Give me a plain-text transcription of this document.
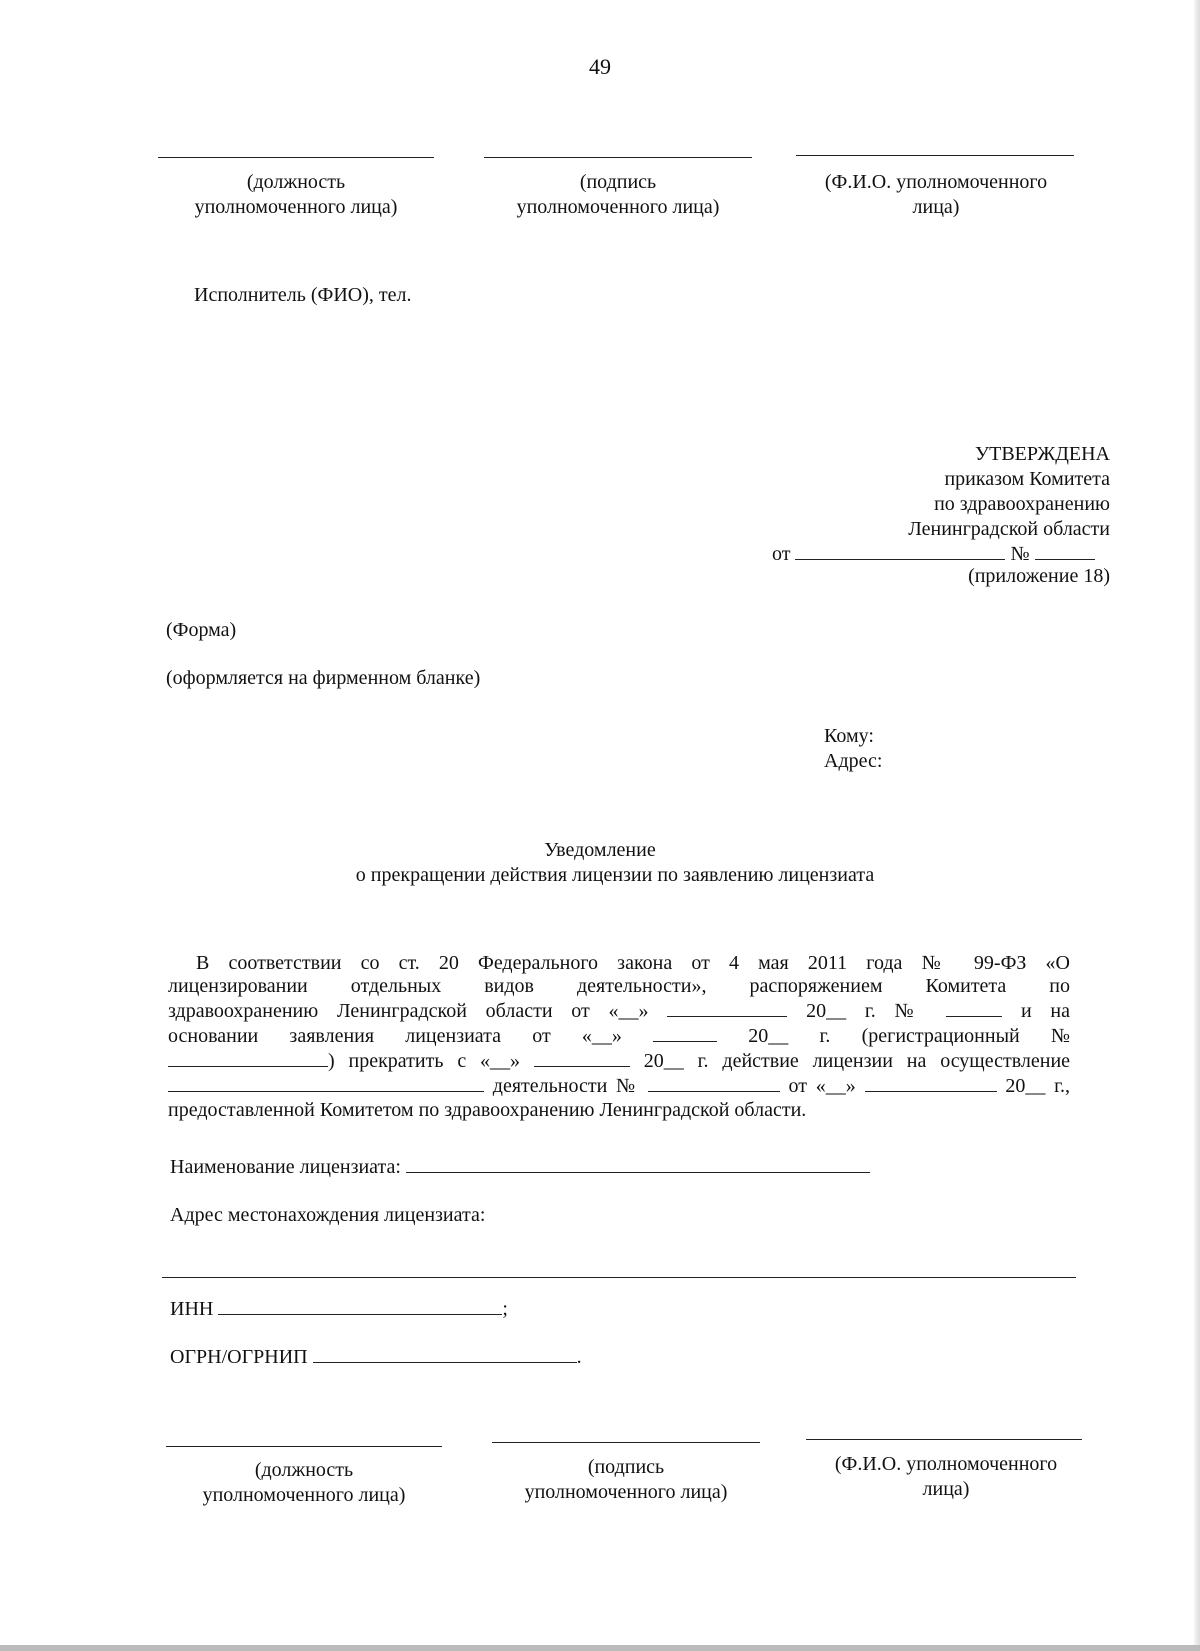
49
(должность
уполномоченного лица)
(подпись
уполномоченного лица)
(Ф.И.О. уполномоченного
лица)
Исполнитель (ФИО), тел.
УТВЕРЖДЕНА
приказом Комитета
по здравоохранению
Ленинградской области
от	№
(приложение 18)
(Форма)
(оформляется на фирменном бланке)
Кому:
Адрес:
Уведомление
о прекращении действия лицензии по заявлению лицензиата
В соответствии со ст. 20 Федерального закона от 4 мая 2011 года № 99-ФЗ «О
лицензировании отдельных видов деятельности», распоряжением Комитета по
здравоохранению Ленинградской области от «__»	20__ г. №	и на
основании заявления лицензиата от «__»	20__ г. (регистрационный №
) прекратить с «__»	20__ г. действие лицензии на осуществление
деятельности №	от «__»	20__ г.,
предоставленной Комитетом по здравоохранению Ленинградской области.
Наименование лицензиата:
Адрес местонахождения лицензиата:
ИНН	;
ОГРН/ОГРНИП	.
(должность
уполномоченного лица)
(подпись
уполномоченного лица)
(Ф.И.О. уполномоченного
лица)
